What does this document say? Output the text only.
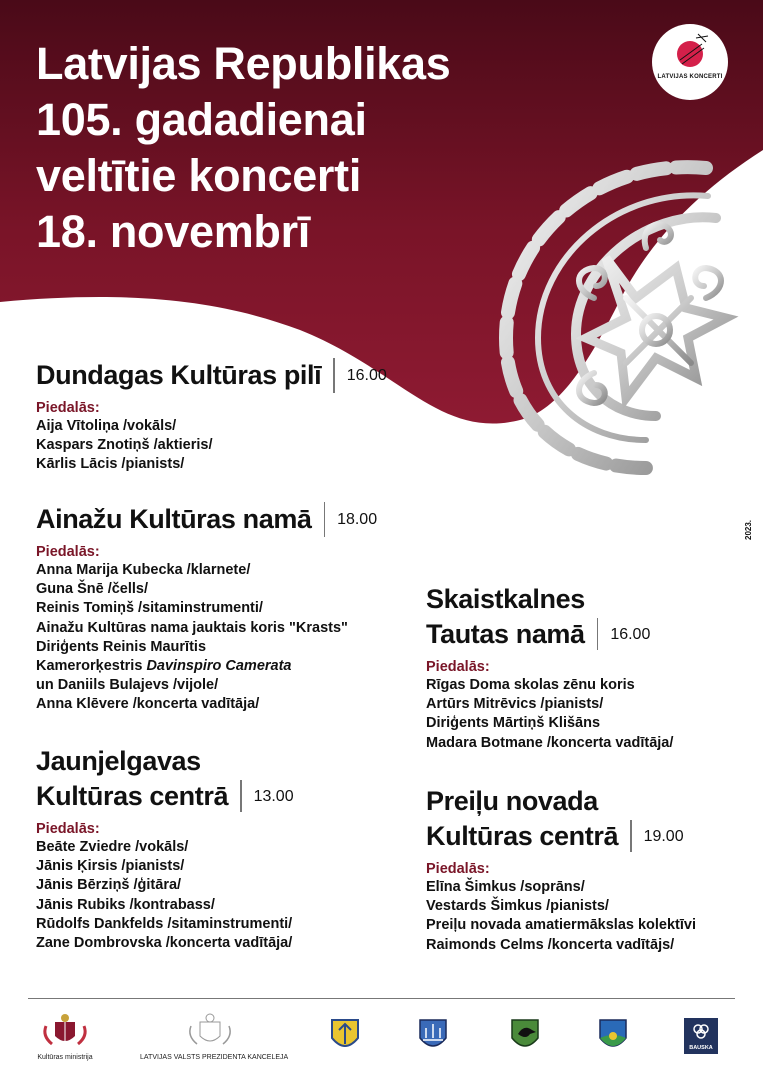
Latvijas Republikas
105. gadadienai
veltītie koncerti
18. novembrī
LATVIJAS KONCERTI
2023.
Dundagas Kultūras pilī 16.00
Piedalās:
Aija Vītoliņa /vokāls/
Kaspars Znotiņš /aktieris/
Kārlis Lācis /pianists/
Ainažu Kultūras namā 18.00
Piedalās:
Anna Marija Kubecka /klarnete/
Guna Šnē /čells/
Reinis Tomiņš /sitaminstrumenti/
Ainažu Kultūras nama jauktais koris "Krasts"
Diriģents Reinis Maurītis
Kamerorķestris Davinspiro Camerata
un Daniils Bulajevs /vijole/
Anna Klēvere /koncerta vadītāja/
Jaunjelgavas
Kultūras centrā 13.00
Piedalās:
Beāte Zviedre /vokāls/
Jānis Ķirsis /pianists/
Jānis Bērziņš /ģitāra/
Jānis Rubiks /kontrabass/
Rūdolfs Dankfelds /sitaminstrumenti/
Zane Dombrovska /koncerta vadītāja/
Skaistkalnes
Tautas namā 16.00
Piedalās:
Rīgas Doma skolas zēnu koris
Artūrs Mitrēvics /pianists/
Diriģents Mārtiņš Klišāns
Madara Botmane /koncerta vadītāja/
Preiļu novada
Kultūras centrā 19.00
Piedalās:
Elīna Šimkus /soprāns/
Vestards Šimkus /pianists/
Preiļu novada amatiermākslas kolektīvi
Raimonds Celms /koncerta vadītājs/
Kultūras ministrija	LATVIJAS VALSTS PREZIDENTA KANCELEJA
BAUSKA
